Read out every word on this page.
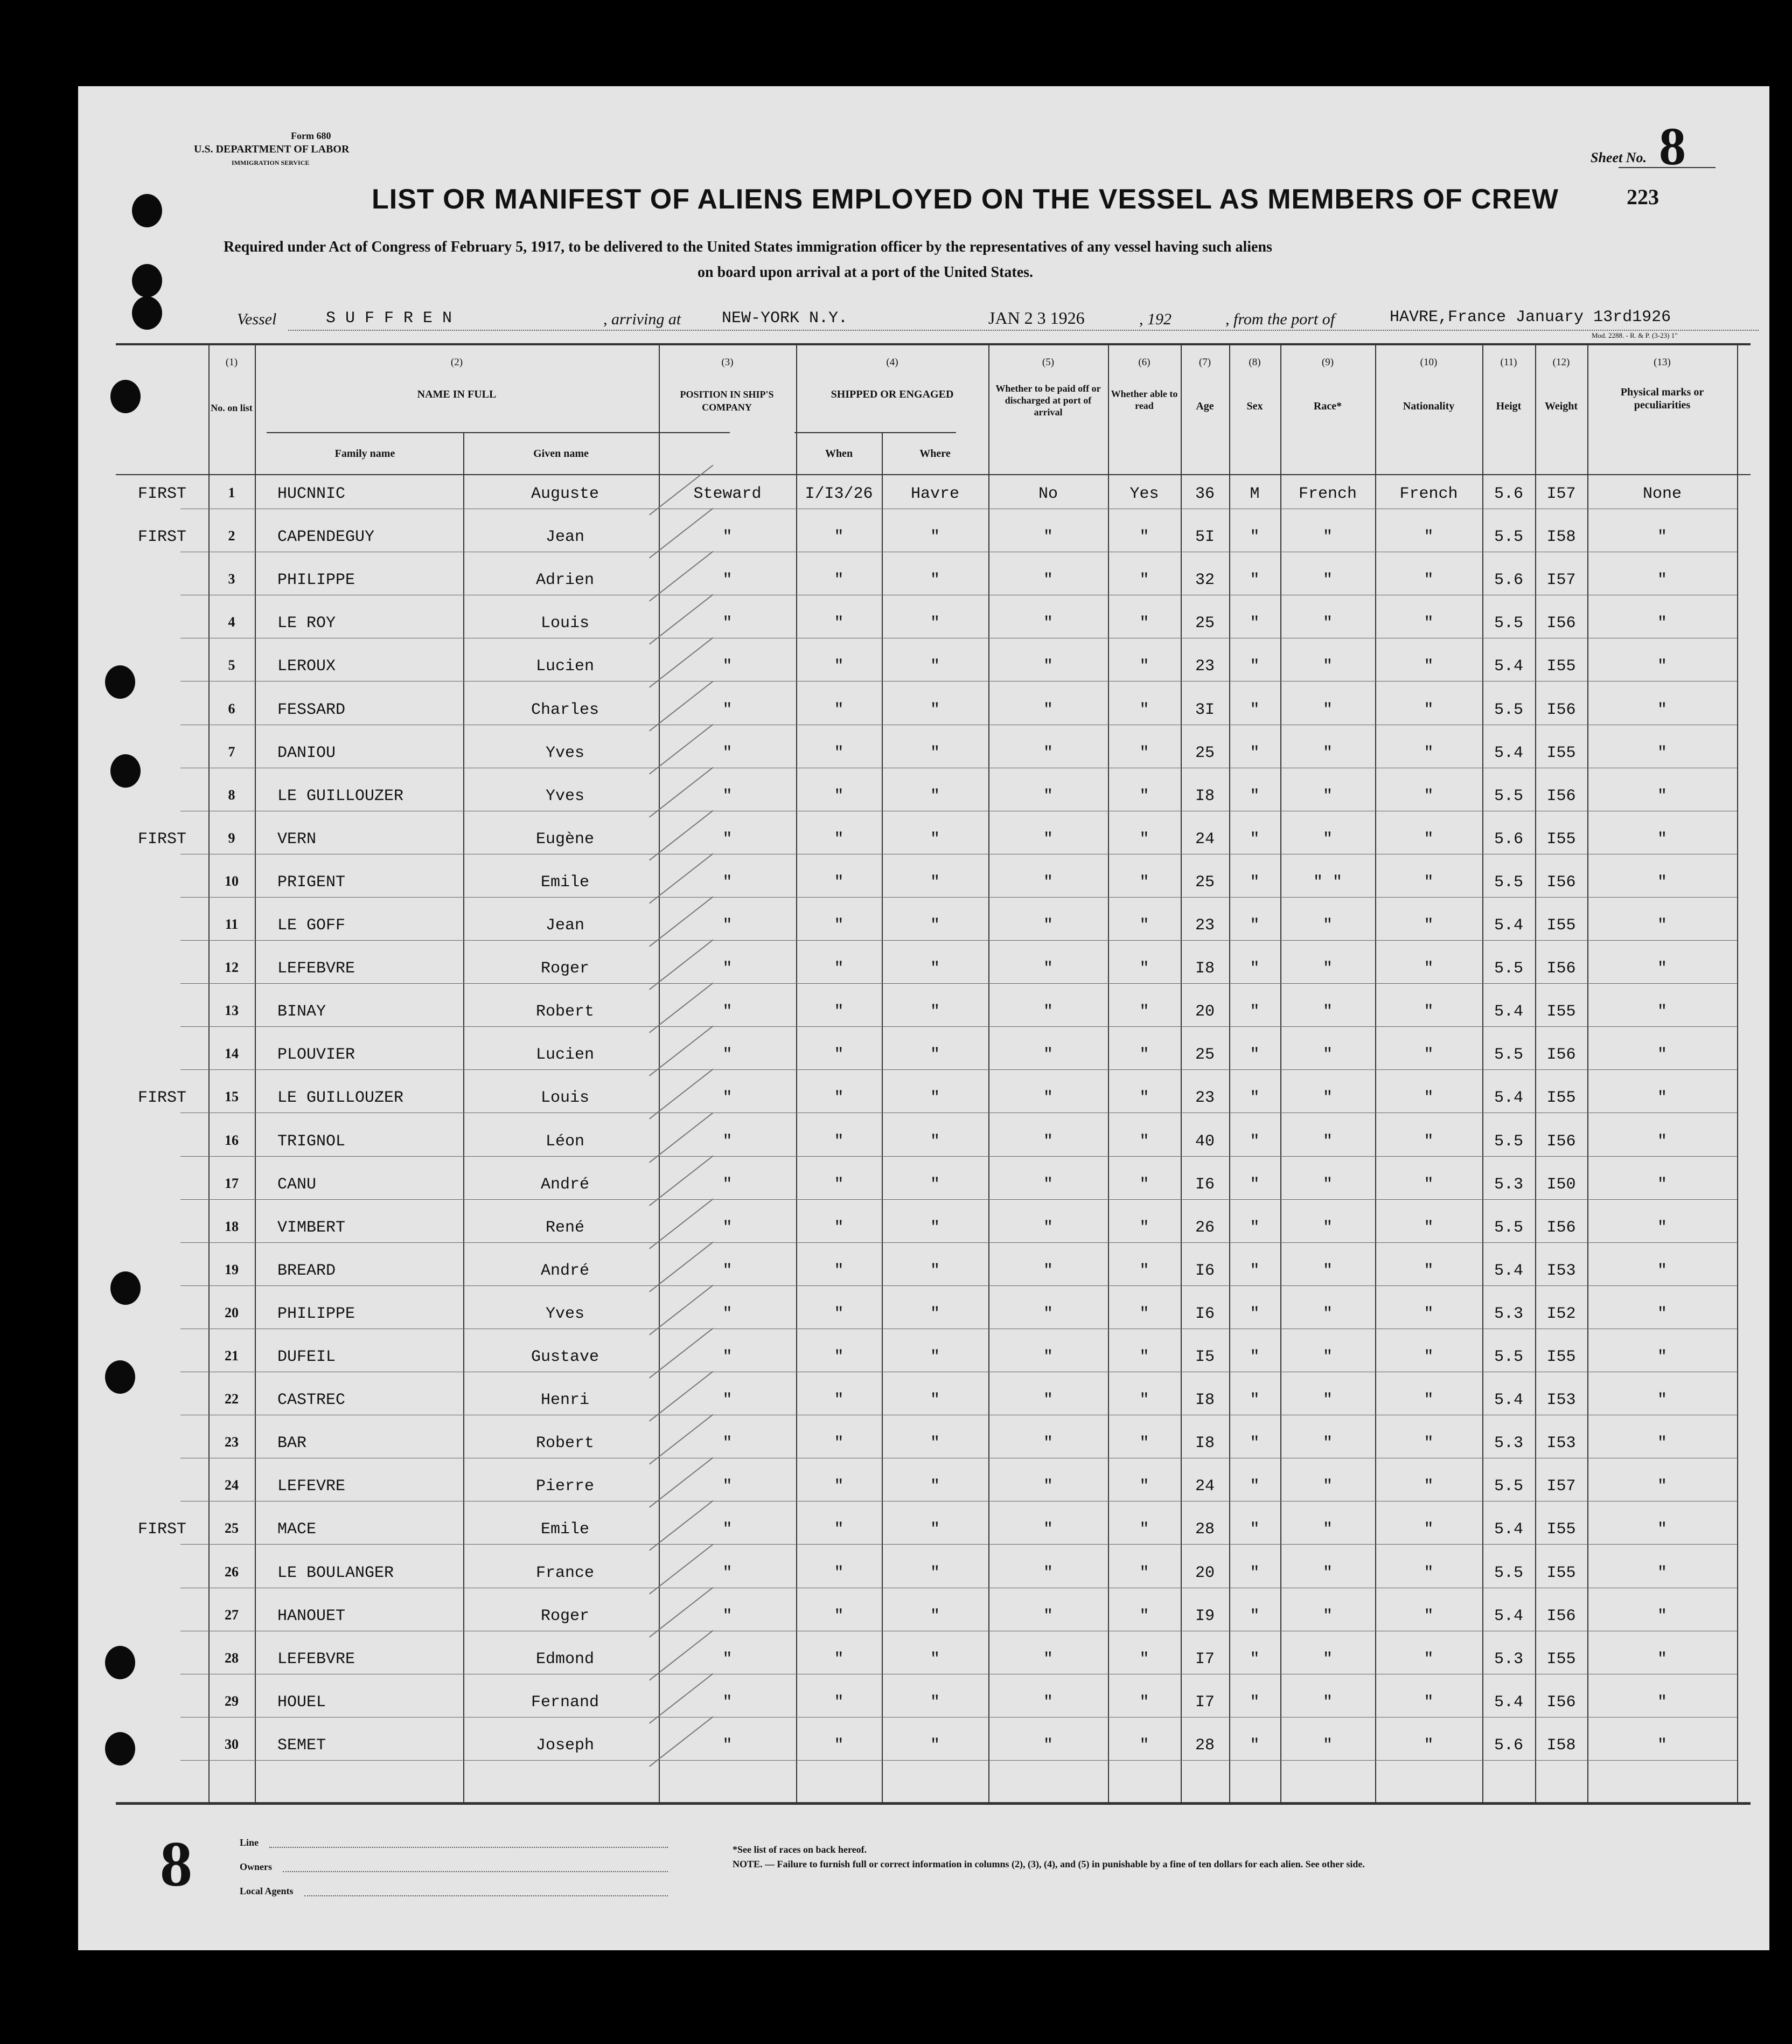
Form 680
U.S. DEPARTMENT OF LABOR
IMMIGRATION SERVICE	Sheet No. 8
223
LIST OR MANIFEST OF ALIENS EMPLOYED ON THE VESSEL AS MEMBERS OF CREW
Required under Act of Congress of February 5, 1917, to be delivered to the United States immigration officer by the representatives of any vessel having such aliens
on board upon arrival at a port of the United States.
Vessel	S U F F R E N	, arriving at	NEW-YORK N.Y.	JAN 2 3 1926	, 192	, from the port of	HAVRE,France January 13rd1926
Mod. 2288. - R. & P. (3-23) 1"
(1)	(2)	(3)	(4)	(5)	(6)	(7)	(8)	(9)	(10)	(11)	(12)	(13)
No. on list
NAME IN FULL
Family name	Given name
POSITION IN SHIP'S COMPANY
SHIPPED OR ENGAGED
When	Where
Whether to be paid off or discharged at port of arrival
Whether able to read	Age	Sex	Race*	Nationality	Heigt	Weight
Physical marks or peculiarities
FIRST	1	HUCNNIC	Auguste	Steward	I/I3/26	Havre	No	Yes	36	M	French	French	5.6	I57	None
FIRST	2	CAPENDEGUY	Jean	"	"	"	"	"	5I	"	"	"	5.5	I58	"
3	PHILIPPE	Adrien	"	"	"	"	"	32	"	"	"	5.6	I57	"
4	LE ROY	Louis	"	"	"	"	"	25	"	"	"	5.5	I56	"
5	LEROUX	Lucien	"	"	"	"	"	23	"	"	"	5.4	I55	"
6	FESSARD	Charles	"	"	"	"	"	3I	"	"	"	5.5	I56	"
7	DANIOU	Yves	"	"	"	"	"	25	"	"	"	5.4	I55	"
8	LE GUILLOUZER	Yves	"	"	"	"	"	I8	"	"	"	5.5	I56	"
FIRST	9	VERN	Eugène	"	"	"	"	"	24	"	"	"	5.6	I55	"
10	PRIGENT	Emile	"	"	"	"	"	25	"	" "	"	5.5	I56	"
11	LE GOFF	Jean	"	"	"	"	"	23	"	"	"	5.4	I55	"
12	LEFEBVRE	Roger	"	"	"	"	"	I8	"	"	"	5.5	I56	"
13	BINAY	Robert	"	"	"	"	"	20	"	"	"	5.4	I55	"
14	PLOUVIER	Lucien	"	"	"	"	"	25	"	"	"	5.5	I56	"
FIRST	15	LE GUILLOUZER	Louis	"	"	"	"	"	23	"	"	"	5.4	I55	"
16	TRIGNOL	Léon	"	"	"	"	"	40	"	"	"	5.5	I56	"
17	CANU	André	"	"	"	"	"	I6	"	"	"	5.3	I50	"
18	VIMBERT	René	"	"	"	"	"	26	"	"	"	5.5	I56	"
19	BREARD	André	"	"	"	"	"	I6	"	"	"	5.4	I53	"
20	PHILIPPE	Yves	"	"	"	"	"	I6	"	"	"	5.3	I52	"
21	DUFEIL	Gustave	"	"	"	"	"	I5	"	"	"	5.5	I55	"
22	CASTREC	Henri	"	"	"	"	"	I8	"	"	"	5.4	I53	"
23	BAR	Robert	"	"	"	"	"	I8	"	"	"	5.3	I53	"
24	LEFEVRE	Pierre	"	"	"	"	"	24	"	"	"	5.5	I57	"
FIRST	25	MACE	Emile	"	"	"	"	"	28	"	"	"	5.4	I55	"
26	LE BOULANGER	France	"	"	"	"	"	20	"	"	"	5.5	I55	"
27	HANOUET	Roger	"	"	"	"	"	I9	"	"	"	5.4	I56	"
28	LEFEBVRE	Edmond	"	"	"	"	"	I7	"	"	"	5.3	I55	"
29	HOUEL	Fernand	"	"	"	"	"	I7	"	"	"	5.4	I56	"
30	SEMET	Joseph	"	"	"	"	"	28	"	"	"	5.6	I58	"
8	Line
Owners
Local Agents
*See list of races on back hereof.
NOTE. — Failure to furnish full or correct information in columns (2), (3), (4), and (5) in punishable by a fine of ten dollars for each alien. See other side.
